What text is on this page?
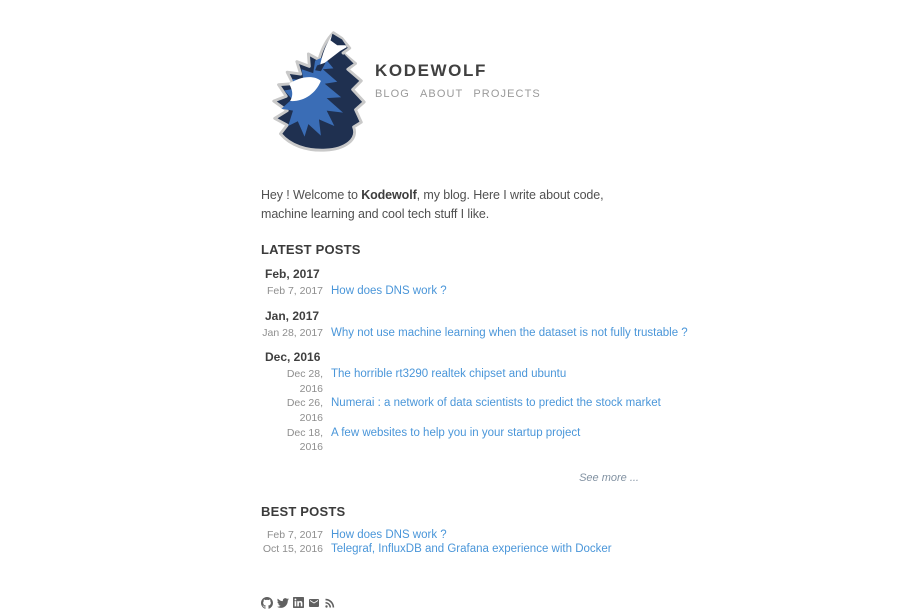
KODEWOLF
BLOG ABOUT PROJECTS
Hey ! Welcome to Kodewolf, my blog. Here I write about code, machine learning and cool tech stuff I like.
LATEST POSTS
Feb, 2017
Feb 7, 2017 How does DNS work ?
Jan, 2017
Jan 28, 2017 Why not use machine learning when the dataset is not fully trustable ?
Dec, 2016
Dec 28, 2016
The horrible rt3290 realtek chipset and ubuntu
Dec 26, 2016
Numerai : a network of data scientists to predict the stock market
Dec 18, 2016
A few websites to help you in your startup project
See more ...
BEST POSTS
Feb 7, 2017 How does DNS work ?
Oct 15, 2016 Telegraf, InfluxDB and Grafana experience with Docker
